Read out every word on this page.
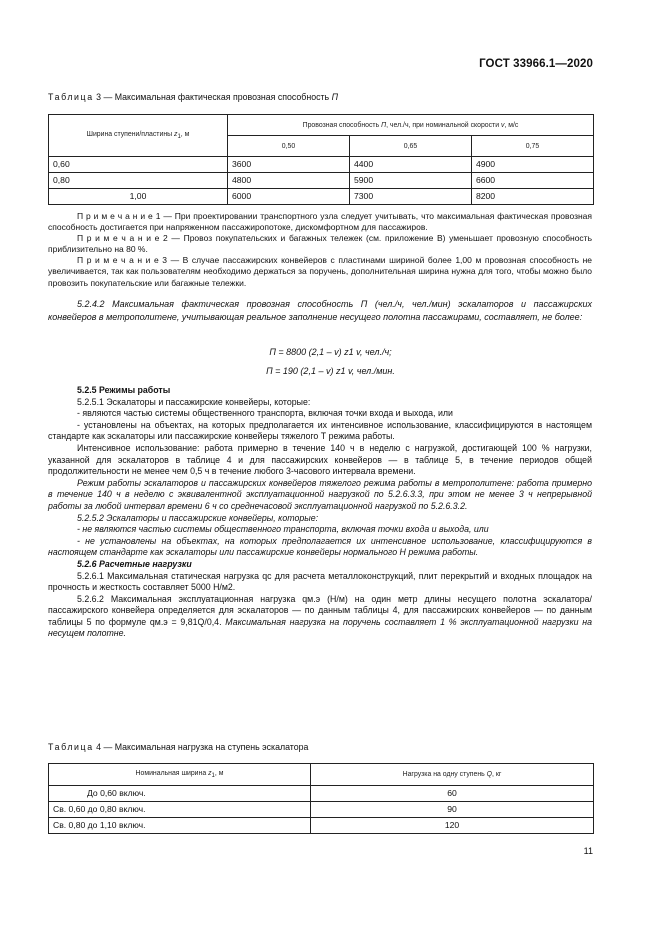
ГОСТ 33966.1—2020
Таблица 3 — Максимальная фактическая провозная способность П
Ширина ступени/пластины $z_1$, м	Провозная способность П, чел./ч, при номинальной скорости v, м/с		
	0,50	0,65	0,75
0,60	3600	4400	4900
0,80	4800	5900	6600
1,00	6000	7300	8200

П р и м е ч а н и е 1 — При проектировании транспортного узла следует учитывать, что максимальная фактическая провозная способность достигается при напряженном пассажиропотоке, дискомфортном для пассажиров.

П р и м е ч а н и е 2 — Провоз покупательских и багажных тележек (см. приложение В) уменьшает провозную способность приблизительно на 80 %.

П р и м е ч а н и е 3 — В случае пассажирских конвейеров с пластинами шириной более 1,00 м провозная способность не увеличивается, так как пользователям необходимо держаться за поручень, дополнительная ширина нужна для того, чтобы можно было провозить покупательские или багажные тележки.

5.2.4.2 Максимальная фактическая провозная способность П (чел./ч, чел./мин) эскалаторов и пассажирских конвейеров в метрополитене, учитывающая реальное заполнение несущего полотна пассажирами, составляет, не более:

П = 8800 (2,1 – v) z1 v, чел./ч;
П = 190 (2,1 – v) z1 v, чел./мин.

5.2.5 Режимы работы

5.2.5.1 Эскалаторы и пассажирские конвейеры, которые:

- являются частью системы общественного транспорта, включая точки входа и выхода, или

- установлены на объектах, на которых предполагается их интенсивное использование, классифицируются в настоящем стандарте как эскалаторы или пассажирские конвейеры тяжелого Т режима работы.

Интенсивное использование: работа примерно в течение 140 ч в неделю с нагрузкой, достигающей 100 % нагрузки, указанной для эскалаторов в таблице 4 и для пассажирских конвейеров — в таблице 5, в течение периодов общей продолжительности не менее чем 0,5 ч в течение любого 3-часового интервала времени.

Режим работы эскалаторов и пассажирских конвейеров тяжелого режима работы в метрополитене: работа примерно в течение 140 ч в неделю с эквивалентной эксплуатационной нагрузкой по 5.2.6.3.3, при этом не менее 3 ч непрерывной работы за любой интервал времени 6 ч со среднечасовой эксплуатационной нагрузкой по 5.2.6.3.2.

5.2.5.2 Эскалаторы и пассажирские конвейеры, которые:

- не являются частью системы общественного транспорта, включая точки входа и выхода, или

- не установлены на объектах, на которых предполагается их интенсивное использование, классифицируются в настоящем стандарте как эскалаторы или пассажирские конвейеры нормального Н режима работы.

5.2.6 Расчетные нагрузки

5.2.6.1 Максимальная статическая нагрузка qс для расчета металлоконструкций, плит перекрытий и входных площадок на прочность и жесткость составляет 5000 Н/м2.

5.2.6.2 Максимальная эксплуатационная нагрузка qм.э (Н/м) на один метр длины несущего полотна эскалатора/пассажирского конвейера определяется для эскалаторов — по данным таблицы 4, для пассажирских конвейеров — по данным таблицы 5 по формуле qм.э = 9,81Q/0,4. Максимальная нагрузка на поручень составляет 1 % эксплуатационной нагрузки на несущем полотне.

Таблица 4 — Максимальная нагрузка на ступень эскалатора
Номинальная ширина $z_1$, м	Нагрузка на одну ступень Q, кг
До 0,60 включ.	60
Св. 0,60 до 0,80 включ.	90
Св. 0,80 до 1,10 включ.	120
11
